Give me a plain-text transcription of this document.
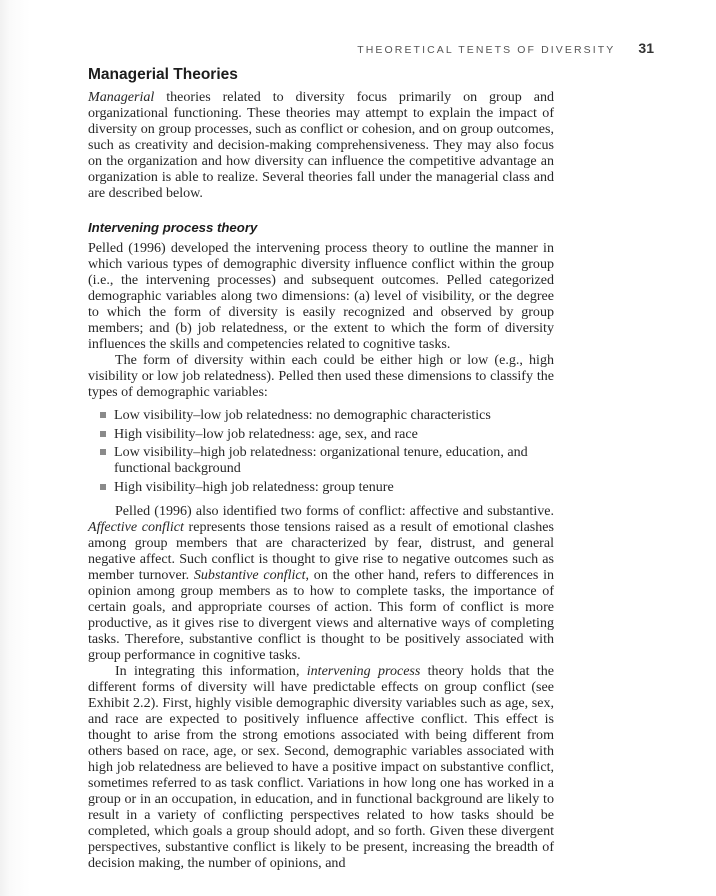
THEORETICAL TENETS OF DIVERSITY 31
Managerial Theories

Managerial theories related to diversity focus primarily on group and organizational functioning. These theories may attempt to explain the impact of diversity on group processes, such as conflict or cohesion, and on group outcomes, such as creativity and decision-making comprehensiveness. They may also focus on the organization and how diversity can influence the competitive advantage an organization is able to realize. Several theories fall under the managerial class and are described below.

Intervening process theory

Pelled (1996) developed the intervening process theory to outline the manner in which various types of demographic diversity influence conflict within the group (i.e., the intervening processes) and subsequent outcomes. Pelled categorized demographic variables along two dimensions: (a) level of visibility, or the degree to which the form of diversity is easily recognized and observed by group members; and (b) job relatedness, or the extent to which the form of diversity influences the skills and competencies related to cognitive tasks.

The form of diversity within each could be either high or low (e.g., high visibility or low job relatedness). Pelled then used these dimensions to classify the types of demographic variables:

Low visibility–low job relatedness: no demographic characteristics
High visibility–low job relatedness: age, sex, and race
Low visibility–high job relatedness: organizational tenure, education, and functional background
High visibility–high job relatedness: group tenure

Pelled (1996) also identified two forms of conflict: affective and substantive. Affective conflict represents those tensions raised as a result of emotional clashes among group members that are characterized by fear, distrust, and general negative affect. Such conflict is thought to give rise to negative outcomes such as member turnover. Substantive conflict, on the other hand, refers to differences in opinion among group members as to how to complete tasks, the importance of certain goals, and appropriate courses of action. This form of conflict is more productive, as it gives rise to divergent views and alternative ways of completing tasks. Therefore, substantive conflict is thought to be positively associated with group performance in cognitive tasks.

In integrating this information, intervening process theory holds that the different forms of diversity will have predictable effects on group conflict (see Exhibit 2.2). First, highly visible demographic diversity variables such as age, sex, and race are expected to positively influence affective conflict. This effect is thought to arise from the strong emotions associated with being different from others based on race, age, or sex. Second, demographic variables associated with high job relatedness are believed to have a positive impact on substantive conflict, sometimes referred to as task conflict. Variations in how long one has worked in a group or in an occupation, in education, and in functional background are likely to result in a variety of conflicting perspectives related to how tasks should be completed, which goals a group should adopt, and so forth. Given these divergent perspectives, substantive conflict is likely to be present, increasing the breadth of decision making, the number of opinions, and
